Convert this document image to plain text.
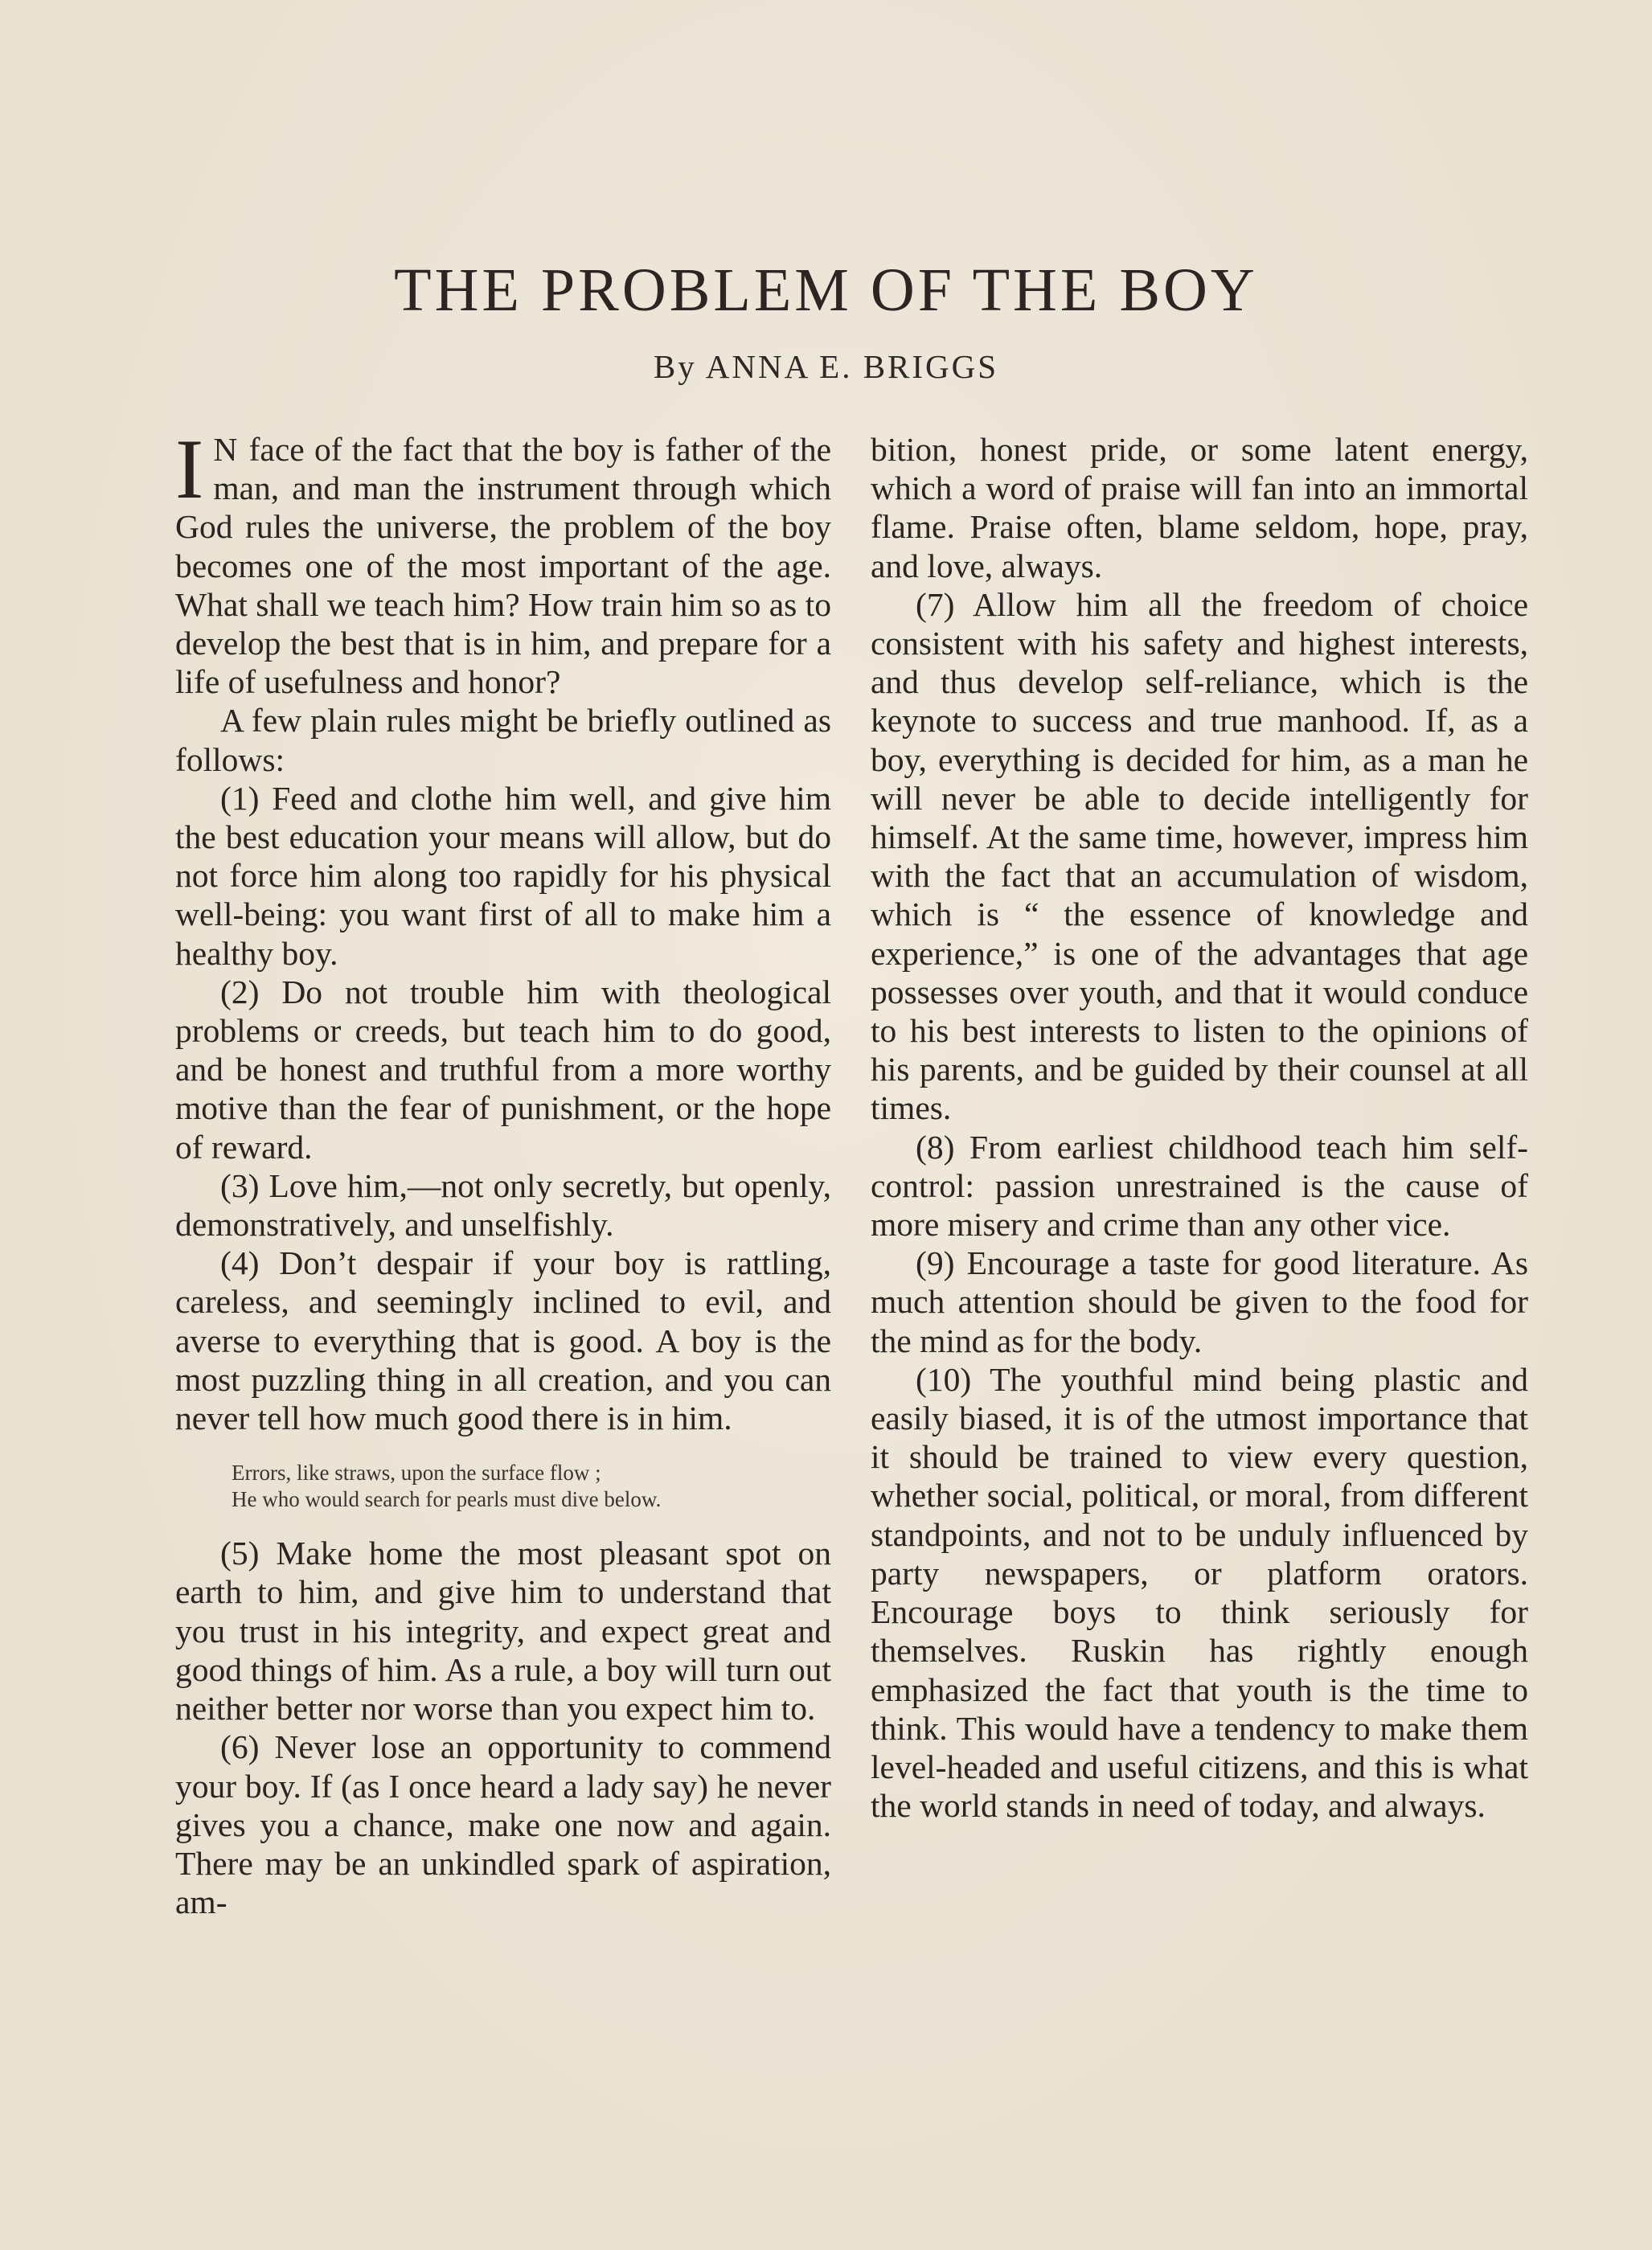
THE PROBLEM OF THE BOY
By ANNA E. BRIGGS

I N face of the fact that the boy is father of the man, and man the instrument through which God rules the universe, the problem of the boy becomes one of the most important of the age. What shall we teach him? How train him so as to develop the best that is in him, and prepare for a life of usefulness and honor?

A few plain rules might be briefly outlined as follows:

(1) Feed and clothe him well, and give him the best education your means will allow, but do not force him along too rapidly for his physical well-being: you want first of all to make him a healthy boy.

(2) Do not trouble him with theological problems or creeds, but teach him to do good, and be honest and truthful from a more worthy motive than the fear of punishment, or the hope of reward.

(3) Love him,—not only secretly, but openly, demonstratively, and unselfishly.

(4) Don’t despair if your boy is rattling, careless, and seemingly inclined to evil, and averse to everything that is good. A boy is the most puzzling thing in all creation, and you can never tell how much good there is in him.

Errors, like straws, upon the surface flow ;
He who would search for pearls must dive below.

(5) Make home the most pleasant spot on earth to him, and give him to understand that you trust in his integrity, and expect great and good things of him. As a rule, a boy will turn out neither better nor worse than you expect him to.

(6) Never lose an opportunity to commend your boy. If (as I once heard a lady say) he never gives you a chance, make one now and again. There may be an unkindled spark of aspiration, am-

bition, honest pride, or some latent energy, which a word of praise will fan into an immortal flame. Praise often, blame seldom, hope, pray, and love, always.

(7) Allow him all the freedom of choice consistent with his safety and highest interests, and thus develop self-reliance, which is the keynote to success and true manhood. If, as a boy, everything is decided for him, as a man he will never be able to decide intelligently for himself. At the same time, however, impress him with the fact that an accumulation of wisdom, which is “ the essence of knowledge and experience,” is one of the advantages that age possesses over youth, and that it would conduce to his best interests to listen to the opinions of his parents, and be guided by their counsel at all times.

(8) From earliest childhood teach him self-control: passion unrestrained is the cause of more misery and crime than any other vice.

(9) Encourage a taste for good literature. As much attention should be given to the food for the mind as for the body.

(10) The youthful mind being plastic and easily biased, it is of the utmost importance that it should be trained to view every question, whether social, political, or moral, from different standpoints, and not to be unduly influenced by party newspapers, or platform orators. Encourage boys to think seriously for themselves. Ruskin has rightly enough emphasized the fact that youth is the time to think. This would have a tendency to make them level-headed and useful citizens, and this is what the world stands in need of today, and always.
